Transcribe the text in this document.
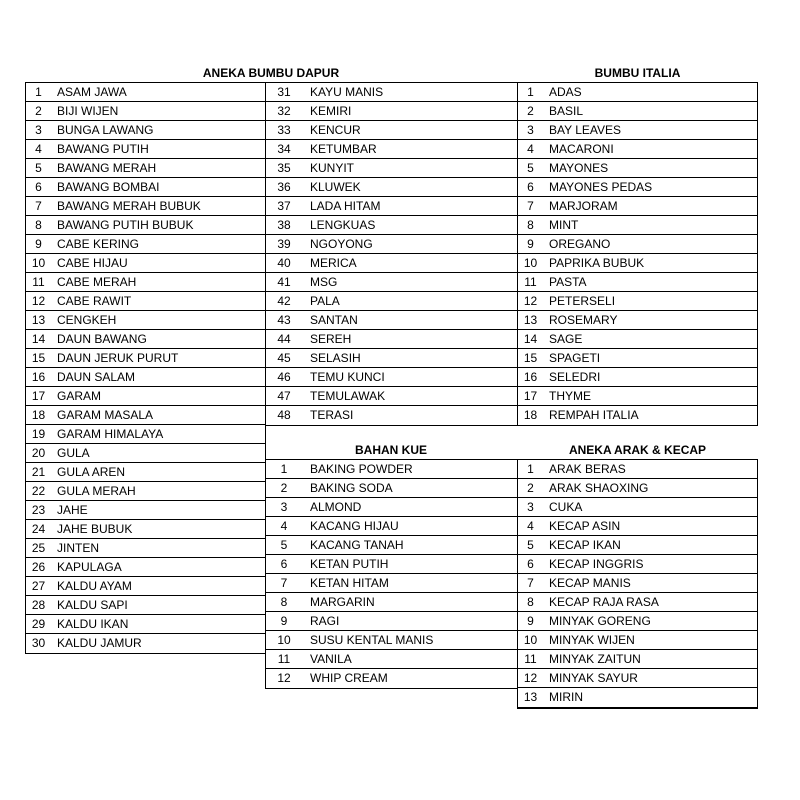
ANEKA BUMBU DAPUR	BUMBU ITALIA
BAHAN KUE	ANEKA ARAK & KECAP
1	ASAM JAWA
2	BIJI WIJEN
3	BUNGA LAWANG
4	BAWANG PUTIH
5	BAWANG MERAH
6	BAWANG BOMBAI
7	BAWANG MERAH BUBUK
8	BAWANG PUTIH BUBUK
9	CABE KERING
10 CABE HIJAU
11	CABE MERAH
12 CABE RAWIT
13 CENGKEH
14 DAUN BAWANG
15 DAUN JERUK PURUT
16 DAUN SALAM
17 GARAM
18 GARAM MASALA
19 GARAM HIMALAYA
20 GULA
21 GULA AREN
22 GULA MERAH
23 JAHE
24 JAHE BUBUK
25 JINTEN
26 KAPULAGA
27 KALDU AYAM
28 KALDU SAPI
29 KALDU IKAN
30 KALDU JAMUR
31	KAYU MANIS
32	KEMIRI
33	KENCUR
34	KETUMBAR
35	KUNYIT
36	KLUWEK
37	LADA HITAM
38	LENGKUAS
39	NGOYONG
40	MERICA
41	MSG
42	PALA
43	SANTAN
44	SEREH
45	SELASIH
46	TEMU KUNCI
47	TEMULAWAK
48	TERASI
1	ADAS
2	BASIL
3	BAY LEAVES
4	MACARONI
5	MAYONES
6	MAYONES PEDAS
7	MARJORAM
8	MINT
9	OREGANO
10 PAPRIKA BUBUK
11	PASTA
12 PETERSELI
13 ROSEMARY
14 SAGE
15 SPAGETI
16 SELEDRI
17 THYME
18 REMPAH ITALIA
1	BAKING POWDER
2	BAKING SODA
3	ALMOND
4	KACANG HIJAU
5	KACANG TANAH
6	KETAN PUTIH
7	KETAN HITAM
8	MARGARIN
9	RAGI
10	SUSU KENTAL MANIS
11	VANILA
12	WHIP CREAM
1	ARAK BERAS
2	ARAK SHAOXING
3	CUKA
4	KECAP ASIN
5	KECAP IKAN
6	KECAP INGGRIS
7	KECAP MANIS
8	KECAP RAJA RASA
9	MINYAK GORENG
10 MINYAK WIJEN
11	MINYAK ZAITUN
12 MINYAK SAYUR
13 MIRIN
